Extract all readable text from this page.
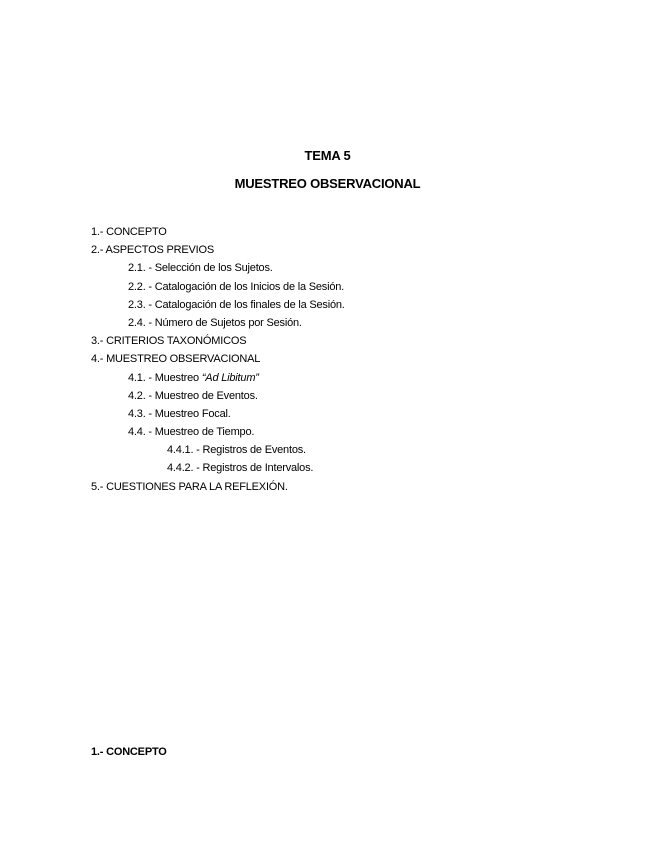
TEMA 5
MUESTREO OBSERVACIONAL
1.- CONCEPTO
2.- ASPECTOS PREVIOS
2.1. - Selección de los Sujetos.
2.2. - Catalogación de los Inicios de la Sesión.
2.3. - Catalogación de los finales de la Sesión.
2.4. - Número de Sujetos por Sesión.
3.- CRITERIOS TAXONÓMICOS
4.- MUESTREO OBSERVACIONAL
4.1. - Muestreo “Ad Libitum”
4.2. - Muestreo de Eventos.
4.3. - Muestreo Focal.
4.4. - Muestreo de Tiempo.
4.4.1. - Registros de Eventos.
4.4.2. - Registros de Intervalos.
5.- CUESTIONES PARA LA REFLEXIÓN.
1.- CONCEPTO
